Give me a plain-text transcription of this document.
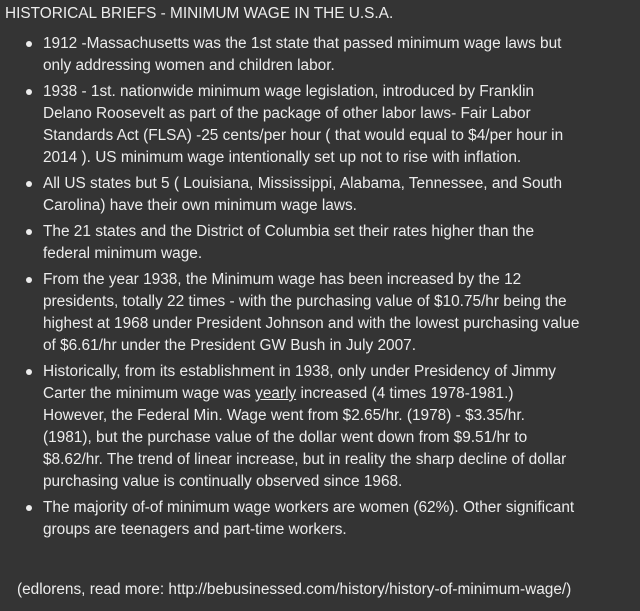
HISTORICAL BRIEFS - MINIMUM WAGE IN THE U.S.A.
1912 -Massachusetts was the 1st state that passed minimum wage laws but
only addressing women and children labor.
1938 - 1st. nationwide minimum wage legislation, introduced by Franklin
Delano Roosevelt as part of the package of other labor laws- Fair Labor
Standards Act (FLSA) -25 cents/per hour ( that would equal to $4/per hour in
2014 ). US minimum wage intentionally set up not to rise with inflation.
All US states but 5 ( Louisiana, Mississippi, Alabama, Tennessee, and South
Carolina) have their own minimum wage laws.
The 21 states and the District of Columbia set their rates higher than the
federal minimum wage.
From the year 1938, the Minimum wage has been increased by the 12
presidents, totally 22 times - with the purchasing value of $10.75/hr being the
highest at 1968 under President Johnson and with the lowest purchasing value
of $6.61/hr under the President GW Bush in July 2007.
Historically, from its establishment in 1938, only under Presidency of Jimmy
Carter the minimum wage was yearly increased (4 times 1978-1981.)
However, the Federal Min. Wage went from $2.65/hr. (1978) - $3.35/hr.
(1981), but the purchase value of the dollar went down from $9.51/hr to
$8.62/hr. The trend of linear increase, but in reality the sharp decline of dollar
purchasing value is continually observed since 1968.
The majority of-of minimum wage workers are women (62%). Other significant
groups are teenagers and part-time workers.
(edlorens, read more: http://bebusinessed.com/history/history-of-minimum-wage/)
